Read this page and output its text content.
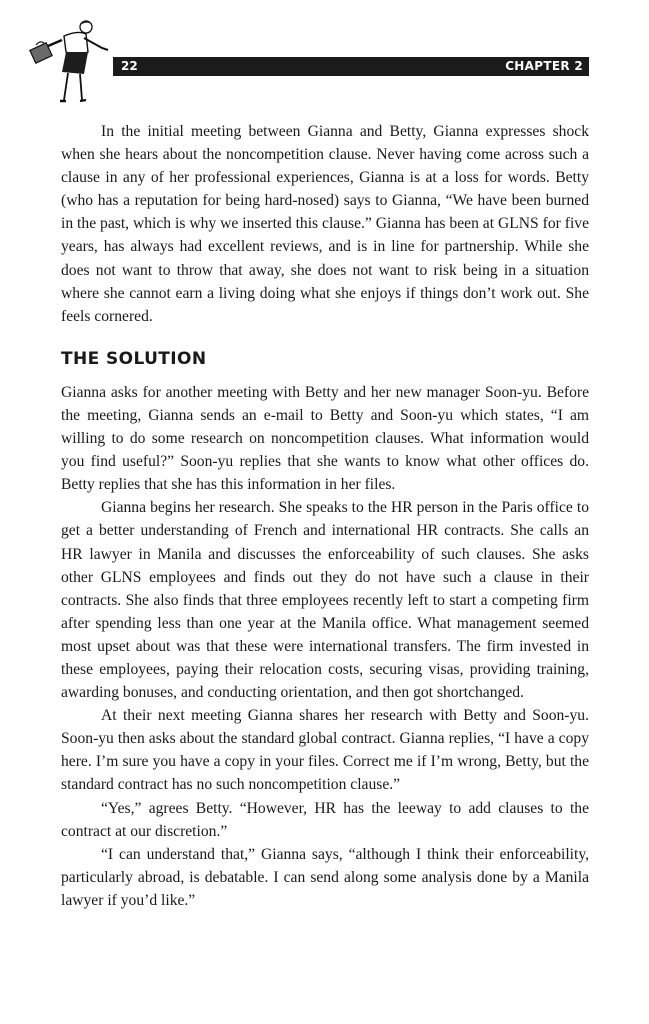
22	CHAPTER 2

In the initial meeting between Gianna and Betty, Gianna expresses shock when she hears about the noncompetition clause. Never having come across such a clause in any of her professional experiences, Gianna is at a loss for words. Betty (who has a reputation for being hard-nosed) says to Gianna, “We have been burned in the past, which is why we inserted this clause.” Gianna has been at GLNS for five years, has always had excellent reviews, and is in line for partnership. While she does not want to throw that away, she does not want to risk being in a situation where she cannot earn a living doing what she enjoys if things don’t work out. She feels cornered.

THE SOLUTION

Gianna asks for another meeting with Betty and her new manager Soon-yu. Before the meeting, Gianna sends an e-mail to Betty and Soon-yu which states, “I am willing to do some research on noncompetition clauses. What information would you find useful?” Soon-yu replies that she wants to know what other offices do. Betty replies that she has this information in her files.

Gianna begins her research. She speaks to the HR person in the Paris office to get a better understanding of French and international HR contracts. She calls an HR lawyer in Manila and discusses the enforceability of such clauses. She asks other GLNS employees and finds out they do not have such a clause in their contracts. She also finds that three employees recently left to start a competing firm after spending less than one year at the Manila office. What management seemed most upset about was that these were international transfers. The firm invested in these employees, paying their relocation costs, securing visas, providing training, awarding bonuses, and conducting orientation, and then got shortchanged.

At their next meeting Gianna shares her research with Betty and Soon-yu. Soon-yu then asks about the standard global contract. Gianna replies, “I have a copy here. I’m sure you have a copy in your files. Correct me if I’m wrong, Betty, but the standard contract has no such noncompetition clause.”

“Yes,” agrees Betty. “However, HR has the leeway to add clauses to the contract at our discretion.”

“I can understand that,” Gianna says, “although I think their enforceability, particularly abroad, is debatable. I can send along some analysis done by a Manila lawyer if you’d like.”
